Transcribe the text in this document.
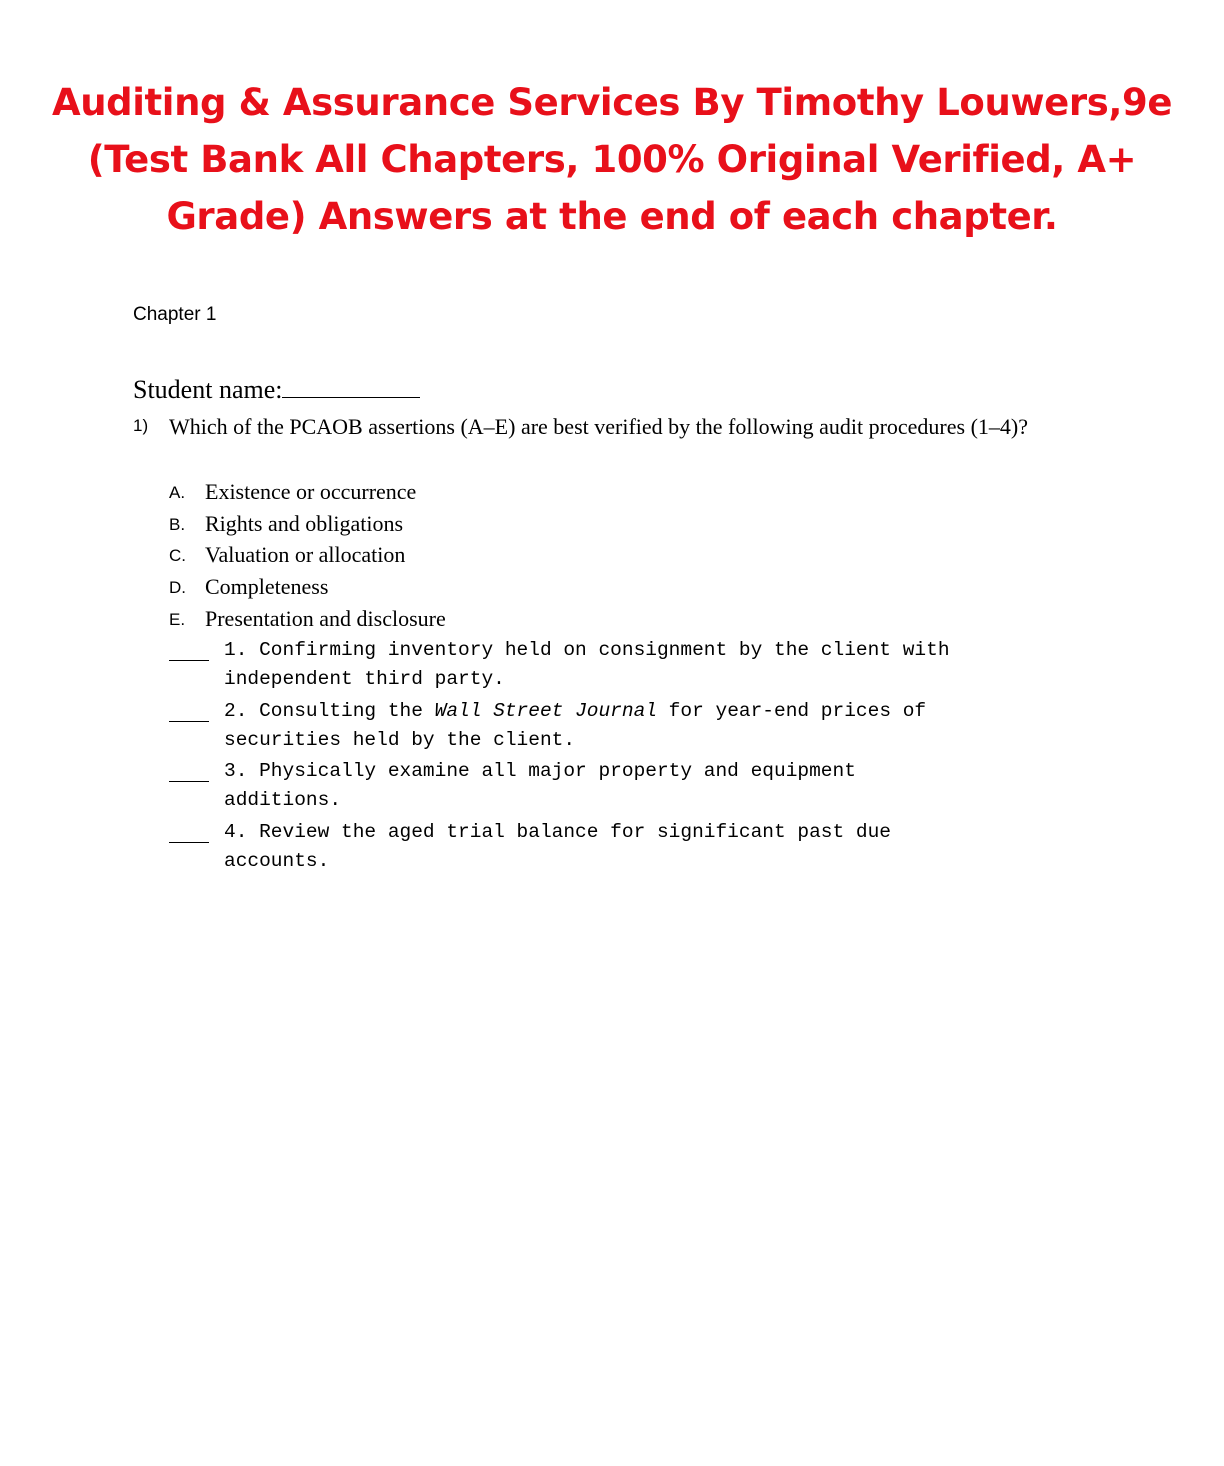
Auditing & Assurance Services By Timothy Louwers,9e
(Test Bank All Chapters, 100% Original Verified, A+
Grade) Answers at the end of each chapter.
Chapter 1
Student name:
1) Which of the PCAOB assertions (A–E) are best verified by the following audit procedures (1–4)?
A. Existence or occurrence
B. Rights and obligations
C. Valuation or allocation
D. Completeness
E. Presentation and disclosure
1. Confirming inventory held on consignment by the client with
independent third party.
2. Consulting the Wall Street Journal for year-end prices of
securities held by the client.
3. Physically examine all major property and equipment
additions.
4. Review the aged trial balance for significant past due
accounts.
